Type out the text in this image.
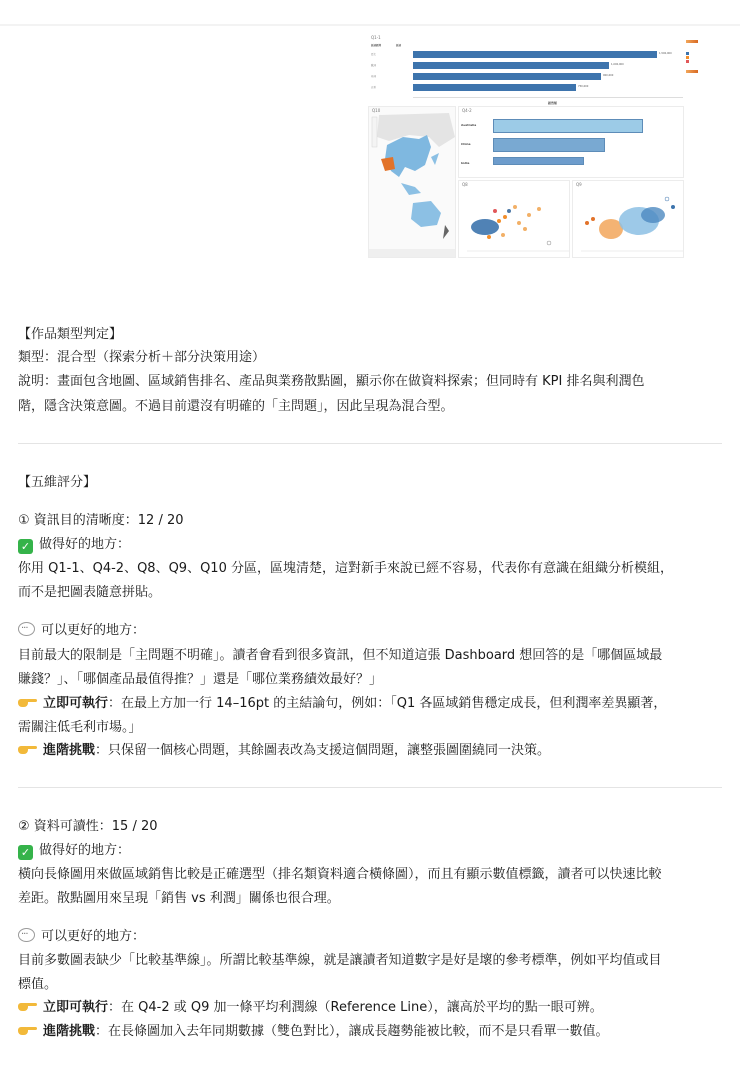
Q1-1
區域經理	區域
亞太	1,500,000
歐洲	1,000,000
非洲	900,000
北美	750,000
銷售額
Q10	Q4-2
Australia
China
India
Q8	Q9
【作品類型判定】
類型：混合型（探索分析＋部分決策用途）
說明：畫面包含地圖、區域銷售排名、產品與業務散點圖，顯示你在做資料探索；但同時有 KPI 排名與利潤色
階，隱含決策意圖。不過目前還沒有明確的「主問題」，因此呈現為混合型。
【五維評分】
① 資訊目的清晰度：12 / 20
✓ 做得好的地方：
你用 Q1-1、Q4-2、Q8、Q9、Q10 分區，區塊清楚，這對新手來說已經不容易，代表你有意識在組織分析模組，
而不是把圖表隨意拼貼。
···可以更好的地方：
目前最大的限制是「主問題不明確」。讀者會看到很多資訊，但不知道這張 Dashboard 想回答的是「哪個區域最
賺錢？」、「哪個產品最值得推？」還是「哪位業務績效最好？」
立即可執行：在最上方加一行 14–16pt 的主結論句，例如：「Q1 各區域銷售穩定成長，但利潤率差異顯著，
需關注低毛利市場。」
進階挑戰：只保留一個核心問題，其餘圖表改為支援這個問題，讓整張圖圍繞同一決策。
② 資料可讀性：15 / 20
✓ 做得好的地方：
橫向長條圖用來做區域銷售比較是正確選型（排名類資料適合橫條圖），而且有顯示數值標籤，讀者可以快速比較
差距。散點圖用來呈現「銷售 vs 利潤」關係也很合理。
···可以更好的地方：
目前多數圖表缺少「比較基準線」。所謂比較基準線，就是讓讀者知道數字是好是壞的參考標準，例如平均值或目
標值。
立即可執行：在 Q4-2 或 Q9 加一條平均利潤線（Reference Line），讓高於平均的點一眼可辨。
進階挑戰：在長條圖加入去年同期數據（雙色對比），讓成長趨勢能被比較，而不是只看單一數值。
